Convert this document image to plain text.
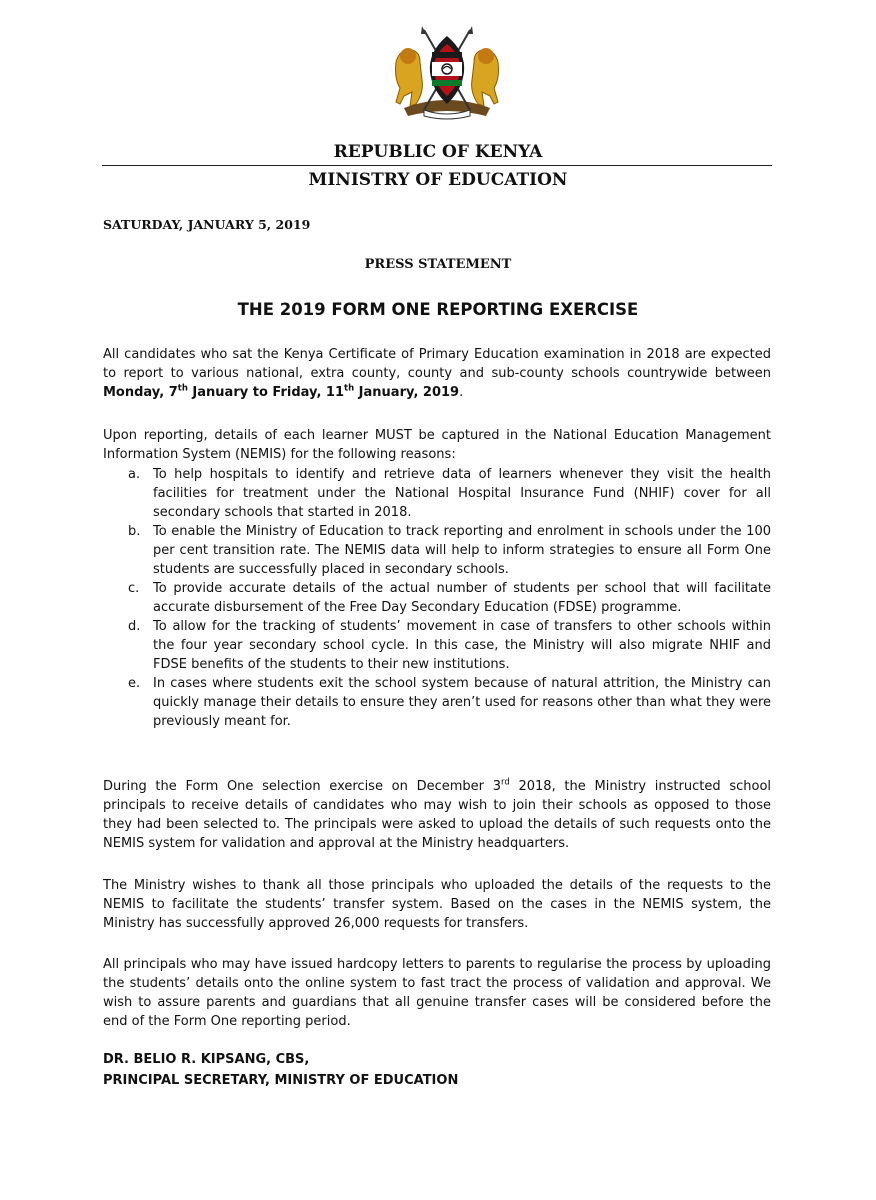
REPUBLIC OF KENYA
MINISTRY OF EDUCATION
SATURDAY, JANUARY 5, 2019
PRESS STATEMENT
THE 2019 FORM ONE REPORTING EXERCISE
All candidates who sat the Kenya Certificate of Primary Education examination in 2018 are expected to report to various national, extra county, county and sub-county schools countrywide between Monday, 7th January to Friday, 11th January, 2019.
Upon reporting, details of each learner MUST be captured in the National Education Management Information System (NEMIS) for the following reasons:
a. To help hospitals to identify and retrieve data of learners whenever they visit the health facilities for treatment under the National Hospital Insurance Fund (NHIF) cover for all secondary schools that started in 2018.
b. To enable the Ministry of Education to track reporting and enrolment in schools under the 100 per cent transition rate. The NEMIS data will help to inform strategies to ensure all Form One students are successfully placed in secondary schools.
c. To provide accurate details of the actual number of students per school that will facilitate accurate disbursement of the Free Day Secondary Education (FDSE) programme.
d. To allow for the tracking of students’ movement in case of transfers to other schools within the four year secondary school cycle. In this case, the Ministry will also migrate NHIF and FDSE benefits of the students to their new institutions.
e. In cases where students exit the school system because of natural attrition, the Ministry can quickly manage their details to ensure they aren’t used for reasons other than what they were previously meant for.
During the Form One selection exercise on December 3rd 2018, the Ministry instructed school principals to receive details of candidates who may wish to join their schools as opposed to those they had been selected to. The principals were asked to upload the details of such requests onto the NEMIS system for validation and approval at the Ministry headquarters.
The Ministry wishes to thank all those principals who uploaded the details of the requests to the NEMIS to facilitate the students’ transfer system. Based on the cases in the NEMIS system, the Ministry has successfully approved 26,000 requests for transfers.
All principals who may have issued hardcopy letters to parents to regularise the process by uploading the students’ details onto the online system to fast tract the process of validation and approval. We wish to assure parents and guardians that all genuine transfer cases will be considered before the end of the Form One reporting period.
DR. BELIO R. KIPSANG, CBS,
PRINCIPAL SECRETARY, MINISTRY OF EDUCATION
